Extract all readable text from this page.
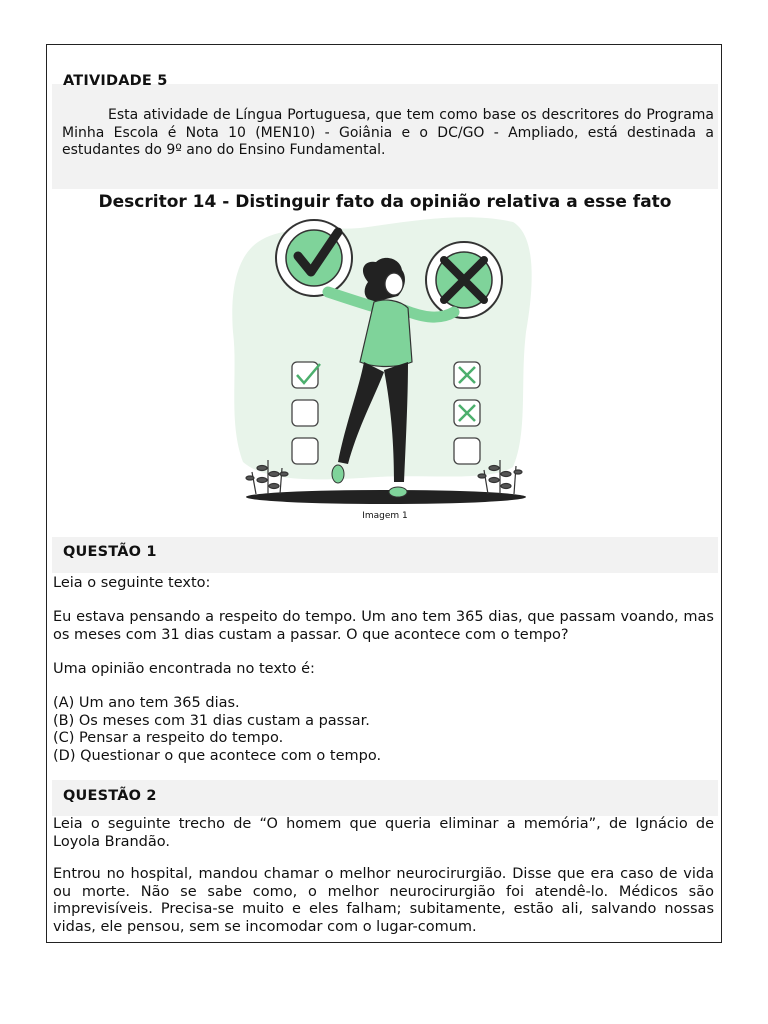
ATIVIDADE 5

Esta atividade de Língua Portuguesa, que tem como base os descritores do Programa Minha Escola é Nota 10 (MEN10) - Goiânia e o DC/GO - Ampliado, está destinada a estudantes do 9º ano do Ensino Fundamental.

Descritor 14 - Distinguir fato da opinião relativa a esse fato
Imagem 1
QUESTÃO 1

Leia o seguinte texto:

Eu estava pensando a respeito do tempo. Um ano tem 365 dias, que passam voando, mas os meses com 31 dias custam a passar. O que acontece com o tempo?

Uma opinião encontrada no texto é:

(A) Um ano tem 365 dias.
(B) Os meses com 31 dias custam a passar.
(C) Pensar a respeito do tempo.
(D) Questionar o que acontece com o tempo.
QUESTÃO 2

Leia o seguinte trecho de “O homem que queria eliminar a memória”, de Ignácio de Loyola Brandão.

Entrou no hospital, mandou chamar o melhor neurocirurgião. Disse que era caso de vida ou morte. Não se sabe como, o melhor neurocirurgião foi atendê-lo. Médicos são imprevisíveis. Precisa-se muito e eles falham; subitamente, estão ali, salvando nossas vidas, ele pensou, sem se incomodar com o lugar-comum.
